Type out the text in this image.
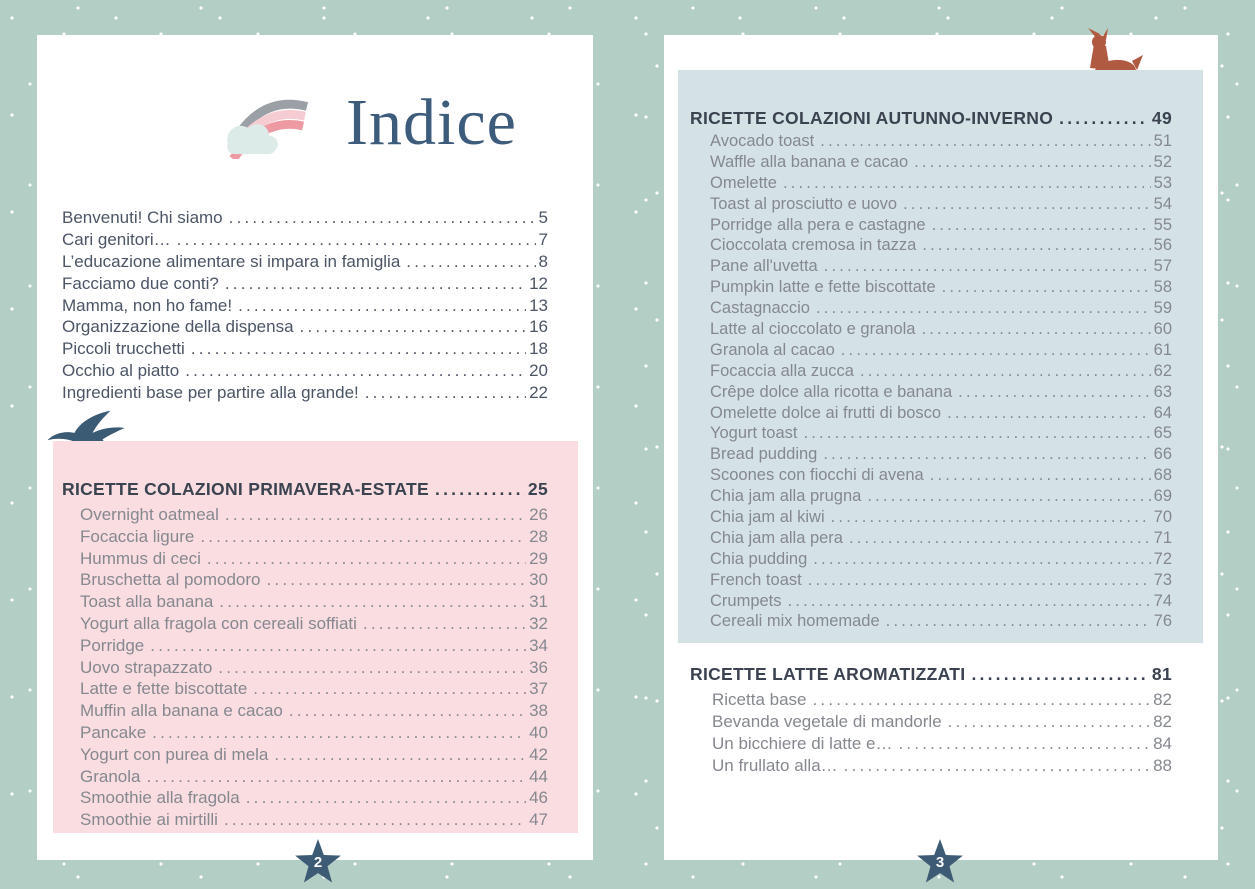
Indice
Benvenuti! Chi siamo .....	5
Cari genitori… .....	7
L’educazione alimentare si impara in famiglia .....	8
Facciamo due conti? .....	12
Mamma, non ho fame! .....	13
Organizzazione della dispensa .....	16
Piccoli trucchetti .....	18
Occhio al piatto .....	20
Ingredienti base per partire alla grande! .....	22
RICETTE COLAZIONI PRIMAVERA-ESTATE .....	25
Overnight oatmeal .....	26
Focaccia ligure .....	28
Hummus di ceci .....	29
Bruschetta al pomodoro .....	30
Toast alla banana .....	31
Yogurt alla fragola con cereali soffiati .....	32
Porridge .....	34
Uovo strapazzato .....	36
Latte e fette biscottate .....	37
Muffin alla banana e cacao .....	38
Pancake .....	40
Yogurt con purea di mela .....	42
Granola .....	44
Smoothie alla fragola .....	46
Smoothie ai mirtilli .....	47
2
RICETTE COLAZIONI AUTUNNO-INVERNO .....	49
Avocado toast .....	51
Waffle alla banana e cacao .....	52
Omelette .....	53
Toast al prosciutto e uovo .....	54
Porridge alla pera e castagne .....	55
Cioccolata cremosa in tazza .....	56
Pane all'uvetta .....	57
Pumpkin latte e fette biscottate .....	58
Castagnaccio .....	59
Latte al cioccolato e granola .....	60
Granola al cacao .....	61
Focaccia alla zucca .....	62
Crêpe dolce alla ricotta e banana .....	63
Omelette dolce ai frutti di bosco .....	64
Yogurt toast .....	65
Bread pudding .....	66
Scoones con fiocchi di avena .....	68
Chia jam alla prugna .....	69
Chia jam al kiwi .....	70
Chia jam alla pera .....	71
Chia pudding .....	72
French toast .....	73
Crumpets .....	74
Cereali mix homemade .....	76
RICETTE LATTE AROMATIZZATI .....	81
Ricetta base .....	82
Bevanda vegetale di mandorle .....	82
Un bicchiere di latte e… .....	84
Un frullato alla… .....	88
3
